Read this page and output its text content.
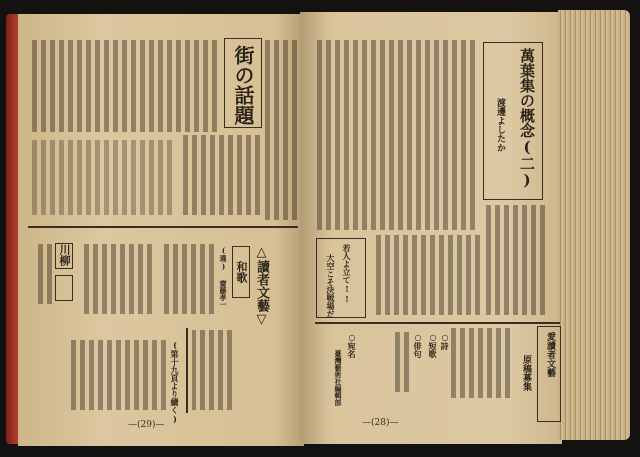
街の話題
△讀者文藝▽
和歌
(選) 齋藤孝一
川柳
(第十九頁より續く)
—(29)—
萬葉集の概念(二)
渡邊よしたか
若人よ立て!!
大空こそ決戦場だ
愛讀者文藝
原稿募集
○詩
○短歌
○俳句
○宛名
臺灣藝術社編輯部
—(28)—
